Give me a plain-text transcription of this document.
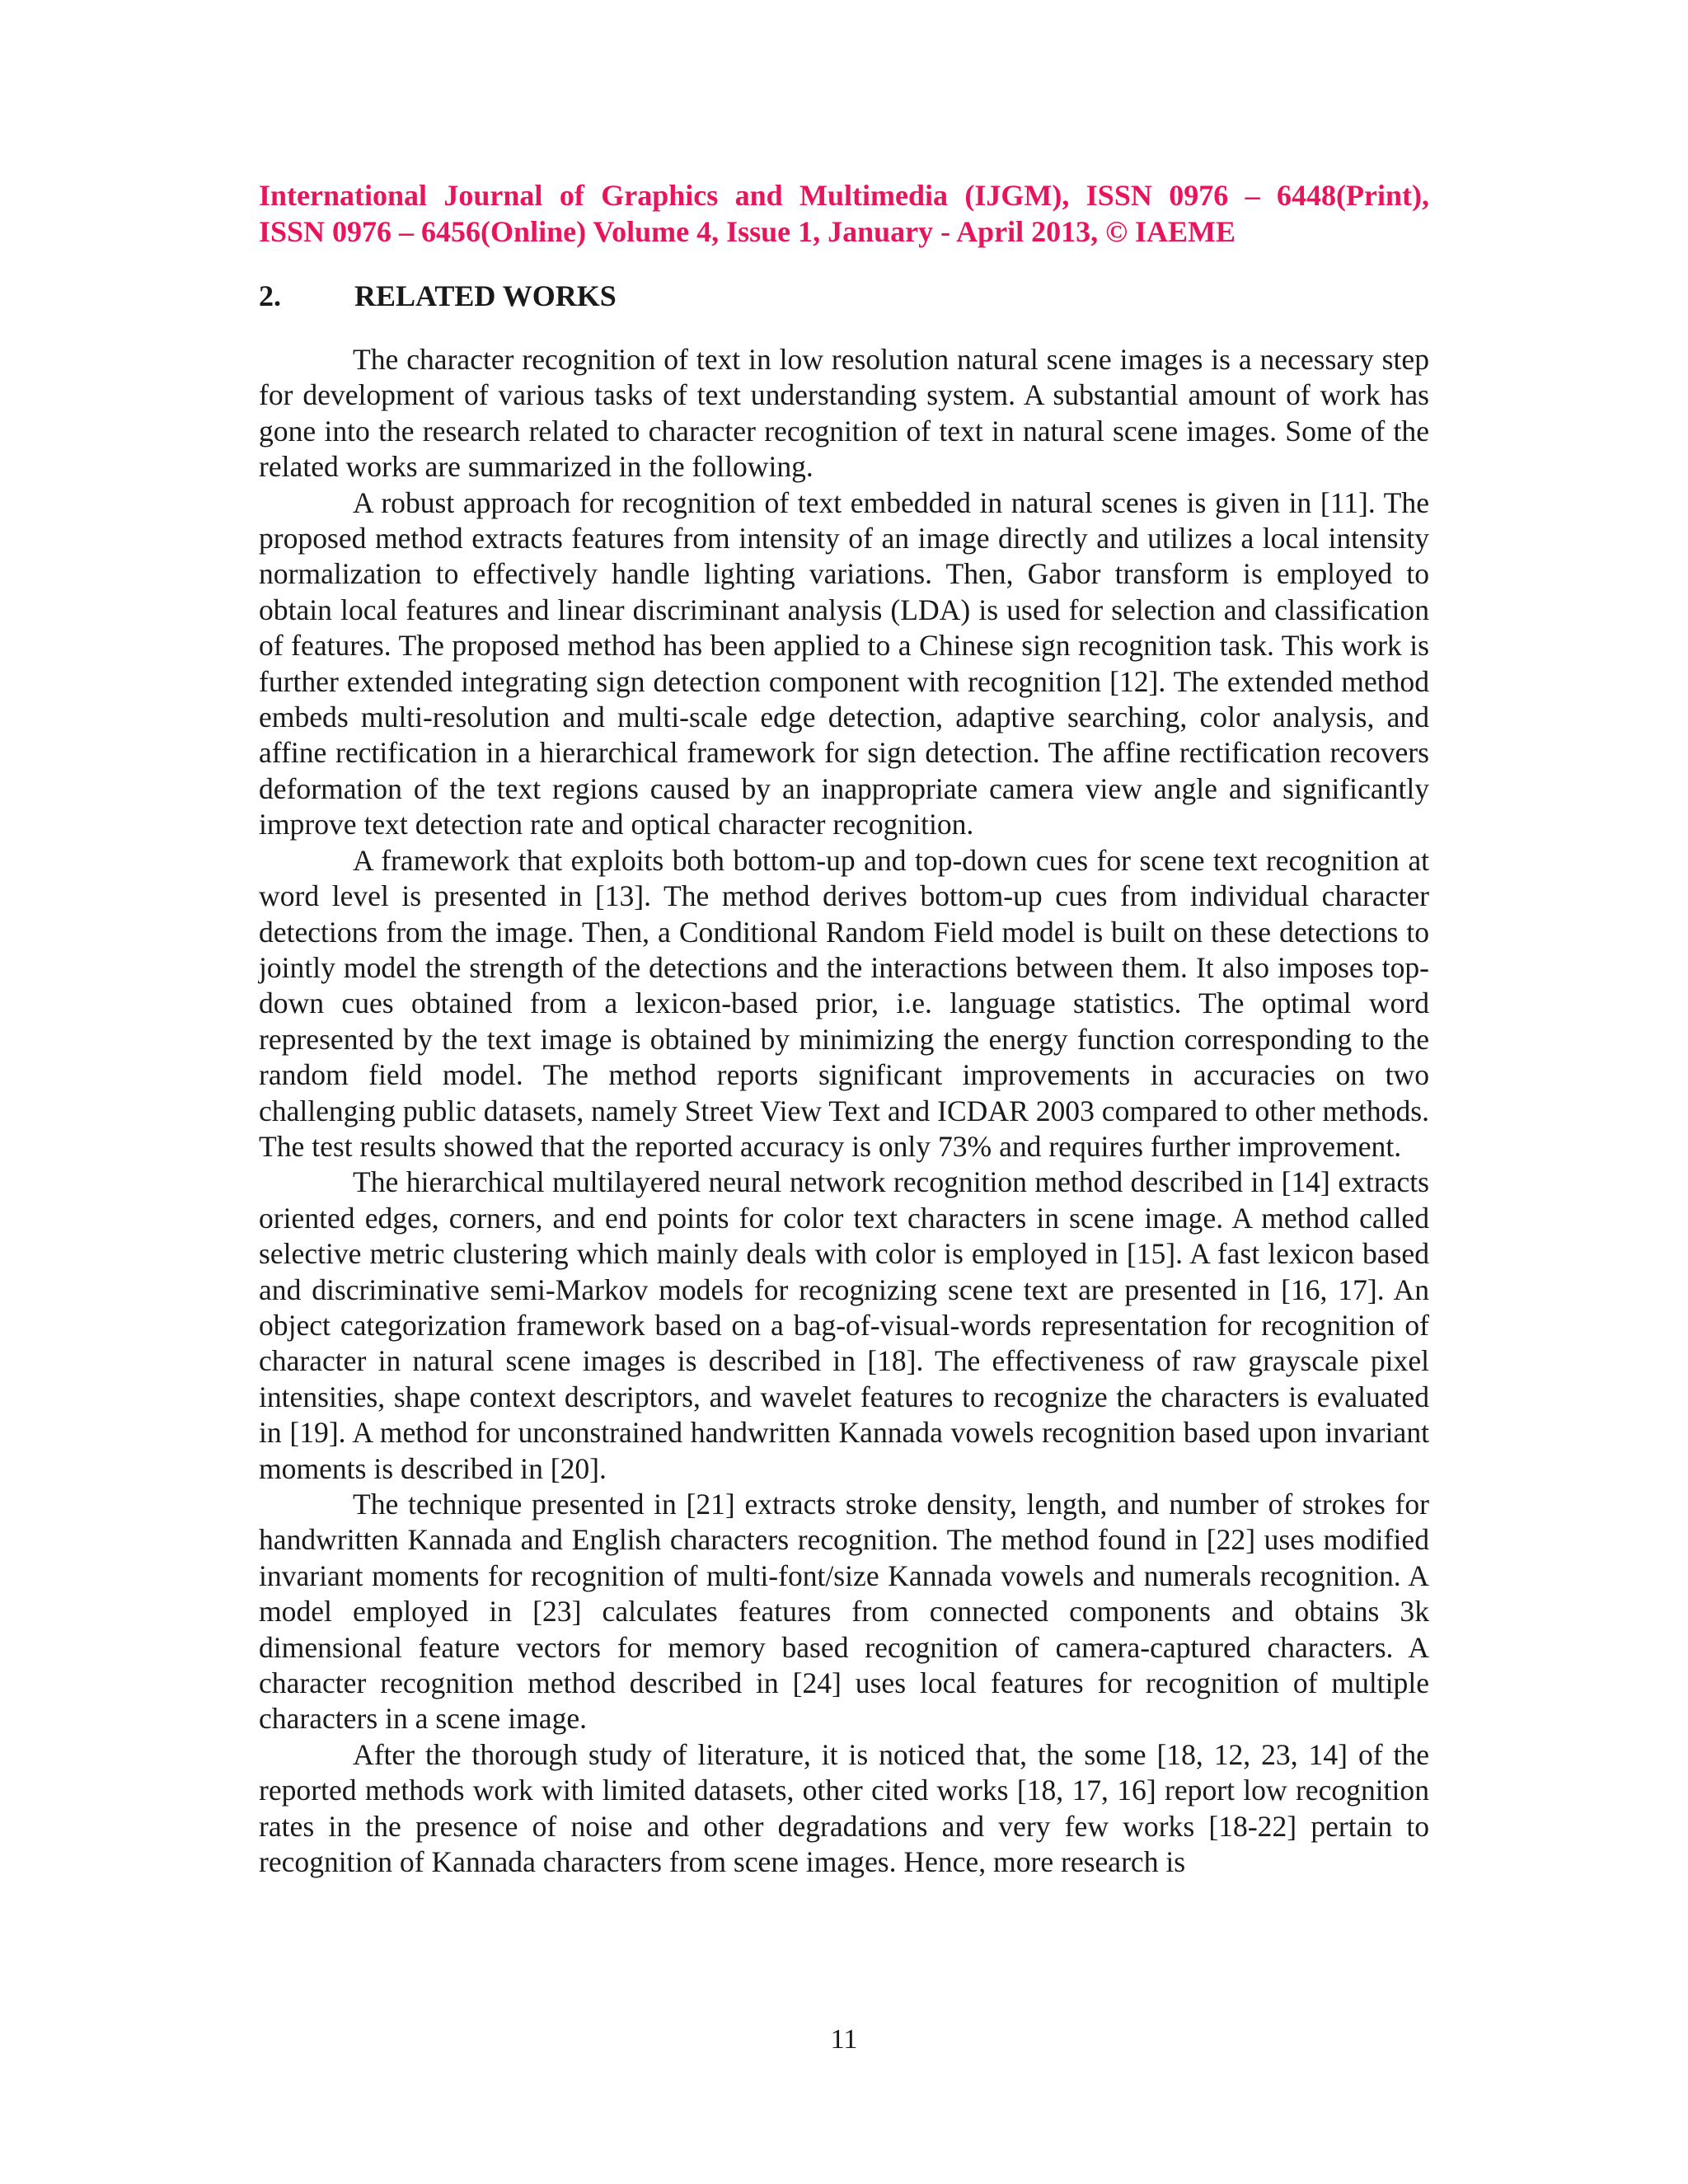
International Journal of Graphics and Multimedia (IJGM), ISSN 0976 – 6448(Print),
ISSN 0976 – 6456(Online) Volume 4, Issue 1, January - April 2013, © IAEME
2.	RELATED WORKS

The character recognition of text in low resolution natural scene images is a necessary step for development of various tasks of text understanding system. A substantial amount of work has gone into the research related to character recognition of text in natural scene images. Some of the related works are summarized in the following.

A robust approach for recognition of text embedded in natural scenes is given in [11]. The proposed method extracts features from intensity of an image directly and utilizes a local intensity normalization to effectively handle lighting variations. Then, Gabor transform is employed to obtain local features and linear discriminant analysis (LDA) is used for selection and classification of features. The proposed method has been applied to a Chinese sign recognition task. This work is further extended integrating sign detection component with recognition [12]. The extended method embeds multi-resolution and multi-scale edge detection, adaptive searching, color analysis, and affine rectification in a hierarchical framework for sign detection. The affine rectification recovers deformation of the text regions caused by an inappropriate camera view angle and significantly improve text detection rate and optical character recognition.

A framework that exploits both bottom-up and top-down cues for scene text recognition at word level is presented in [13]. The method derives bottom-up cues from individual character detections from the image. Then, a Conditional Random Field model is built on these detections to jointly model the strength of the detections and the interactions between them. It also imposes top-down cues obtained from a lexicon-based prior, i.e. language statistics. The optimal word represented by the text image is obtained by minimizing the energy function corresponding to the random field model. The method reports significant improvements in accuracies on two challenging public datasets, namely Street View Text and ICDAR 2003 compared to other methods. The test results showed that the reported accuracy is only 73% and requires further improvement.

The hierarchical multilayered neural network recognition method described in [14] extracts oriented edges, corners, and end points for color text characters in scene image. A method called selective metric clustering which mainly deals with color is employed in [15]. A fast lexicon based and discriminative semi-Markov models for recognizing scene text are presented in [16, 17]. An object categorization framework based on a bag-of-visual-words representation for recognition of character in natural scene images is described in [18]. The effectiveness of raw grayscale pixel intensities, shape context descriptors, and wavelet features to recognize the characters is evaluated in [19]. A method for unconstrained handwritten Kannada vowels recognition based upon invariant moments is described in [20].

The technique presented in [21] extracts stroke density, length, and number of strokes for handwritten Kannada and English characters recognition. The method found in [22] uses modified invariant moments for recognition of multi-font/size Kannada vowels and numerals recognition. A model employed in [23] calculates features from connected components and obtains 3k dimensional feature vectors for memory based recognition of camera-captured characters. A character recognition method described in [24] uses local features for recognition of multiple characters in a scene image.

After the thorough study of literature, it is noticed that, the some [18, 12, 23, 14] of the reported methods work with limited datasets, other cited works [18, 17, 16] report low recognition rates in the presence of noise and other degradations and very few works [18-22] pertain to recognition of Kannada characters from scene images. Hence, more research is

11
